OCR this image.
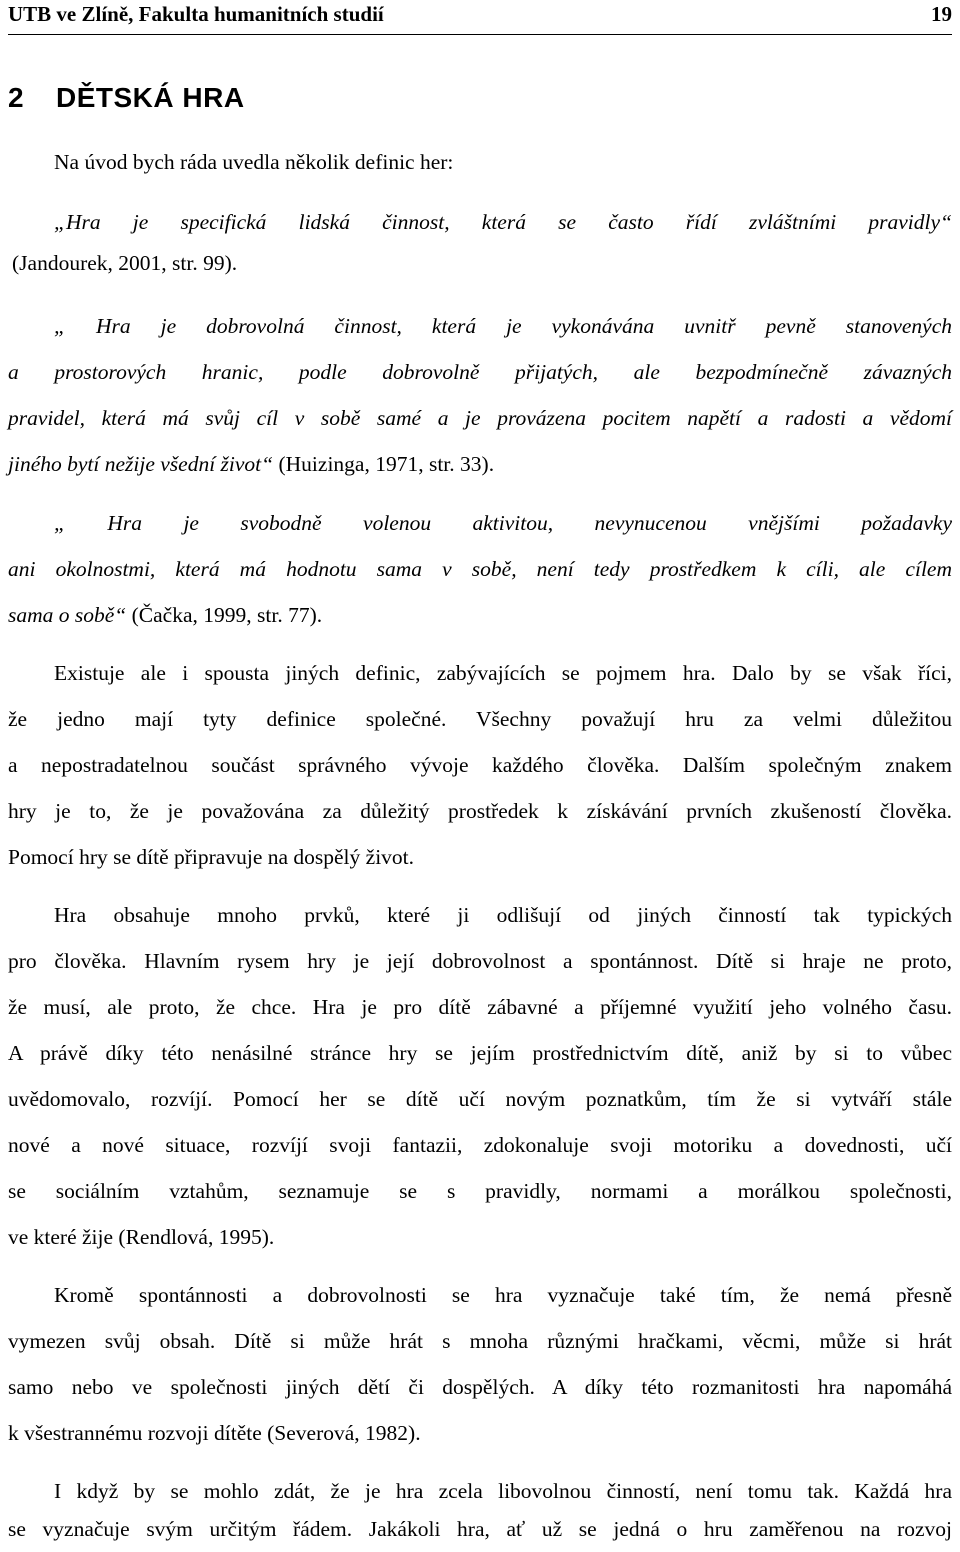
UTB ve Zlíně, Fakulta humanitních studií	19
2 DĚTSKÁ HRA
Na úvod bych ráda uvedla několik definic her:
„Hra je specifická lidská činnost, která se často řídí zvláštními pravidly“
(Jandourek, 2001, str. 99).
„ Hra je dobrovolná činnost, která je vykonávána uvnitř pevně stanovených
a prostorových hranic, podle dobrovolně přijatých, ale bezpodmínečně závazných
pravidel, která má svůj cíl v sobě samé a je provázena pocitem napětí a radosti a vědomí
jiného bytí nežije všední život“ (Huizinga, 1971, str. 33).
„ Hra je svobodně volenou aktivitou, nevynucenou vnějšími požadavky
ani okolnostmi, která má hodnotu sama v sobě, není tedy prostředkem k cíli, ale cílem
sama o sobě“ (Čačka, 1999, str. 77).
Existuje ale i spousta jiných definic, zabývajících se pojmem hra. Dalo by se však říci,
že jedno mají tyty definice společné. Všechny považují hru za velmi důležitou
a nepostradatelnou součást správného vývoje každého člověka. Dalším společným znakem
hry je to, že je považována za důležitý prostředek k získávání prvních zkušeností člověka.
Pomocí hry se dítě připravuje na dospělý život.
Hra obsahuje mnoho prvků, které ji odlišují od jiných činností tak typických
pro člověka. Hlavním rysem hry je její dobrovolnost a spontánnost. Dítě si hraje ne proto,
že musí, ale proto, že chce. Hra je pro dítě zábavné a příjemné využití jeho volného času.
A právě díky této nenásilné stránce hry se jejím prostřednictvím dítě, aniž by si to vůbec
uvědomovalo, rozvíjí. Pomocí her se dítě učí novým poznatkům, tím že si vytváří stále
nové a nové situace, rozvíjí svoji fantazii, zdokonaluje svoji motoriku a dovednosti, učí
se sociálním vztahům, seznamuje se s pravidly, normami a morálkou společnosti,
ve které žije (Rendlová, 1995).
Kromě spontánnosti a dobrovolnosti se hra vyznačuje také tím, že nemá přesně
vymezen svůj obsah. Dítě si může hrát s mnoha různými hračkami, věcmi, může si hrát
samo nebo ve společnosti jiných dětí či dospělých. A díky této rozmanitosti hra napomáhá
k všestrannému rozvoji dítěte (Severová, 1982).
I když by se mohlo zdát, že je hra zcela libovolnou činností, není tomu tak. Každá hra
se vyznačuje svým určitým řádem. Jakákoli hra, ať už se jedná o hru zaměřenou na rozvoj
